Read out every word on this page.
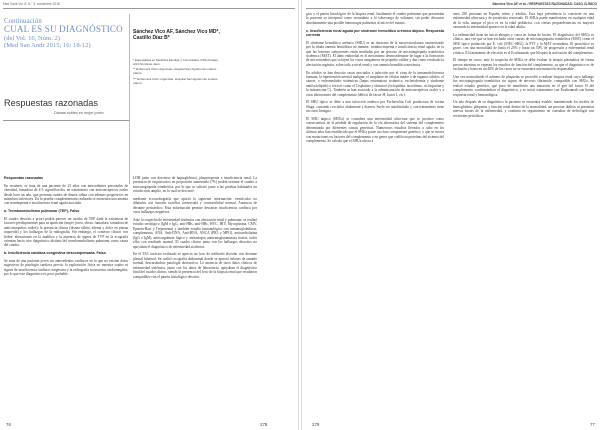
Med Sanit Vol. 8, N.° 3, noviembre 2015
Continuación
CUAL ES SU DIAGNÓSTICO
(del Vol. 16, Núm. 2)
(Med San Andr 2015; 16: 18-12)
Sánchez Vico AF, Sánchez Vico MD*, Castillo Díaz B*

* Especialista en Medicina Familiar y Comunitaria. DSS Andújar. AGS Nordeste Jaén.

** Enfermera UGC Urgencias. Hospital San Agustín de Linares (Jaén).

*** Enfermera UGC Urgencias. Hospital San Agustín de Linares (Jaén).

Respuestas razonadas
Dianas sutiles en mujer joven

Respuestas razonadas

En resumen, se trata de una paciente de 23 años con antecedentes personales de obesidad, fumadora de 4-5 cigarrillos/día, en tratamiento con anticonceptivos orales desde hace un año, que presenta cuadro de disnea súbita con edemas progresivos en miembros inferiores. En la prueba complementaria realizada se encuentra una anemia con trombopenia e insuficiencia renal aguda asociada.

a. Tromboembolismo pulmonar (TEP). Falso

El cuadro descrito a priori podría parecer un cuadro de TEP dada la existencia de factores predisponentes para su aparición (mujer joven, obesa, fumadora, tomadora de anticonceptivos orales); la presencia clínica (disnea súbita, edema y dolor en pierna izquierda) y los hallazgos de la radiografía. Sin embargo, el contexto clínico con fiebre, alteraciones en la analítica y la ausencia de signos de TVP en la ecografía orientan hacia otro diagnóstico distinto del tromboembolismo pulmonar como causa del cuadro.

b. Insuficiencia cardíaca congestiva descompensada. Falso

Se trata de una paciente joven sin antecedentes cardiacos en la que no existen datos sugestivos de patología cardiaca previa; la exploración física no muestra soplos ni signos de insuficiencia cardiaca congestiva y la radiografía no muestra cardiomegalia, por lo que este diagnóstico es poco probable.

LDH junto con descenso de haptoglobina), plaquetopenia e insuficiencia renal. La presencia de esquistocitos en proporción aumentada (7%) podría orientar el cuadro a microangiopatía trombótica, por lo que se solicitó junto a las pruebas habituales un estudio más amplio, en lo cual se descartó:

mediante ecocardiografía que aportó la siguiente información: ventrículos no dilatados con función sistólica conservada y contractilidad normal. Ausencia de derrame pericárdico. Esta información permite descartar insuficiencia cardíaca por otros hallazgos negativos.

Ante la sospecha de enfermedad sistémica con afectación renal y pulmonar, se realizó estudio serológico (IgM e IgG, anti-HBs, anti-HBc, HVC, HIV, Mycoplasma, CMV, Epstein-Barr y Treponema) y también estudio inmunológico con inmunoglobulinas, complemento, ANA, Anti-DNA, Anti-RNA, ANCA (PR3 y MPO), anticardiolipina (IgG e IgM), anticoagulante lúpico y anticuerpos antitransglutaminasa tisular, todos ellos con resultado normal. El cuadro clínico junto con los hallazgos descritos no apoyaban el diagnóstico de enfermedad sistémica.

En el TAC torácico realizado se aprecia un foco de infiltrado alveolar con derrame pleural bilateral. Se realizó ecografía abdominal donde se apreció riñones de tamaño normal, descartándose patología obstructiva. La ausencia de otros datos clínicos de enfermedad sistémica, junto con los datos de laboratorio, apoyaban el diagnóstico final del cuadro clínico, siendo la presencia del foco de la biopsia renal que resultaron compatibles con el patrón histológico descrito.

76	278
Sánchez Vico AF, et al. / RESPUESTAS RAZONADAS: CASO CLÍNICO

gico y el patrón histológico de la biopsia renal, finalmente el cuadro pulmonar que presentaba la paciente se interpretó como secundario a la sobrecarga de volumen, sin poder descartar absolutamente una posible hemorragia pulmonar al inicio del mismo.

c. Insuficiencia renal aguda por síndrome hemolítico urémico atípico. Respuesta correcta

El síndrome hemolítico urémico (SHU) es un trastorno de la microvasculatura caracterizado por la tríada anemia hemolítica no inmune, trombocitopenia e insuficiencia renal aguda, en la que las lesiones subyacentes están mediadas por un proceso de microangiopatía trombótica sistémica (MAT). El daño endotelial es el mecanismo desencadenante de lugar a la formación de microtrombos que ocluyen los vasos sanguíneos de pequeño calibre y dan como resultado la afectación orgánica, sobre todo a nivel renal y con anemia hemolítica mecánica.

En adultos se han descrito casos asociados a infección por el virus de la inmunodeficiencia humana, la hipertensión arterial maligna, el trasplante de células madre o de órganos sólidos, el cáncer, o enfermedades sistémicas (lupus eritematoso sistémico, esclerodermia y síndrome antifosfolípido) o tóxicos como el Cisplatino y fármacos (ticlopidina, tacrolimus, ciclosporina y la mitomicina C). También se han asociado a la administración de anticonceptivos orales y a otras alteraciones del complemento (déficit de factor H, factor I, etc).

El SHU típico se debe a una infección entérica por Escherichia Coli productora de toxina Shiga, cursando con dolor abdominal y diarrea. Suele ser autolimitado y con tratamiento tiene un curso benigno.

El SHU atípico (SHUa) se considera una enfermedad ultra-rara que se produce como consecuencia de la pérdida de regulación de la vía alternativa del sistema del complemento determinada por diferentes causas genéticas. Numerosos estudios llevados a cabo en los últimos años han establecido que el SHUa posee un claro componente genético, y que se asocia con mutaciones en factores del complemento o en genes que codifican proteínas del sistema del complemento. Se calcula que el SHUa afecta a

unos 250 personas en España, niños y adultos. Esta baja prevalencia lo convierte en una enfermedad ultra-rara y de pronóstico reservado. El SHUa puede manifestarse en cualquier edad de la vida, aunque el pico es en la edad pediátrica, con ciertas preponderancias en mujeres causando la enfermedad aparece en la edad adulta.

La enfermedad tiene un inicio abrupto y cursa en forma de brotes. El diagnóstico del SHUa es clínico, una vez que se han excluido otras causas de microangiopatía trombótica (MAT) como el SHU típico producido por E. coli (STEC-SHU), la PTT y la MAT secundaria. El pronóstico es grave, con una mortalidad de hasta el 25% y hasta un 50% de progresión a enfermedad renal crónica. El tratamiento de elección es el Eculizumab, que bloquea la activación del complemento.

El tiempo en curso, ante la sospecha de SHUa se debe evaluar la terapia plasmática de forma precoz mientras se esperan los estudios de función del complemento, ya que el diagnóstico es de exclusión y hasta en un 40% de los casos no se encuentra una mutación responsable.

Una vez normalizado el número de plaquetas se procedió a realizar biopsia renal cuyo hallazgo fue microangiopatía trombótica sin signos de necrosis fibrinoide, compatible con SHUa. Se realizó estudio genético, que puso de manifiesto una mutación en el gen del factor H del complemento, confirmándose el diagnóstico, y se inició tratamiento con Eculizumab con buena respuesta renal y hematológica.

Un año después de su diagnóstico la paciente se encuentra estable, manteniendo los niveles de hemoglobina, plaquetas y función renal dentro de la normalidad, sin precisar diálisis ni presentar nuevos brotes de la enfermedad, y continúa en seguimiento en consultas de nefrología con revisiones periódicas.

279	77
